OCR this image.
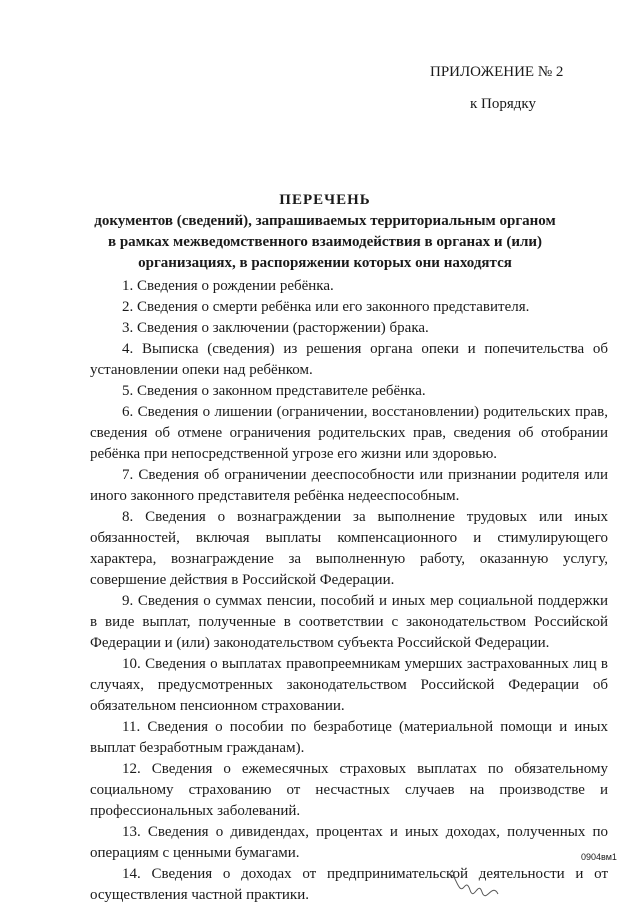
ПРИЛОЖЕНИЕ № 2
к Порядку
ПЕРЕЧЕНЬ
документов (сведений), запрашиваемых территориальным органом
в рамках межведомственного взаимодействия в органах и (или)
организациях, в распоряжении которых они находятся

1. Сведения о рождении ребёнка.

2. Сведения о смерти ребёнка или его законного представителя.

3. Сведения о заключении (расторжении) брака.

4. Выписка (сведения) из решения органа опеки и попечительства об установлении опеки над ребёнком.

5. Сведения о законном представителе ребёнка.

6. Сведения о лишении (ограничении, восстановлении) родительских прав, сведения об отмене ограничения родительских прав, сведения об отобрании ребёнка при непосредственной угрозе его жизни или здоровью.

7. Сведения об ограничении дееспособности или признании родителя или иного законного представителя ребёнка недееспособным.

8. Сведения о вознаграждении за выполнение трудовых или иных обязанностей, включая выплаты компенсационного и стимулирующего характера, вознаграждение за выполненную работу, оказанную услугу, совершение действия в Российской Федерации.

9. Сведения о суммах пенсии, пособий и иных мер социальной поддержки в виде выплат, полученные в соответствии с законодательством Российской Федерации и (или) законодательством субъекта Российской Федерации.

10. Сведения о выплатах правопреемникам умерших застрахованных лиц в случаях, предусмотренных законодательством Российской Федерации об обязательном пенсионном страховании.

11. Сведения о пособии по безработице (материальной помощи и иных выплат безработным гражданам).

12. Сведения о ежемесячных страховых выплатах по обязательному социальному страхованию от несчастных случаев на производстве и профессиональных заболеваний.

13. Сведения о дивидендах, процентах и иных доходах, полученных по операциям с ценными бумагами.

14. Сведения о доходах от предпринимательской деятельности и от осуществления частной практики.

0904вм1
